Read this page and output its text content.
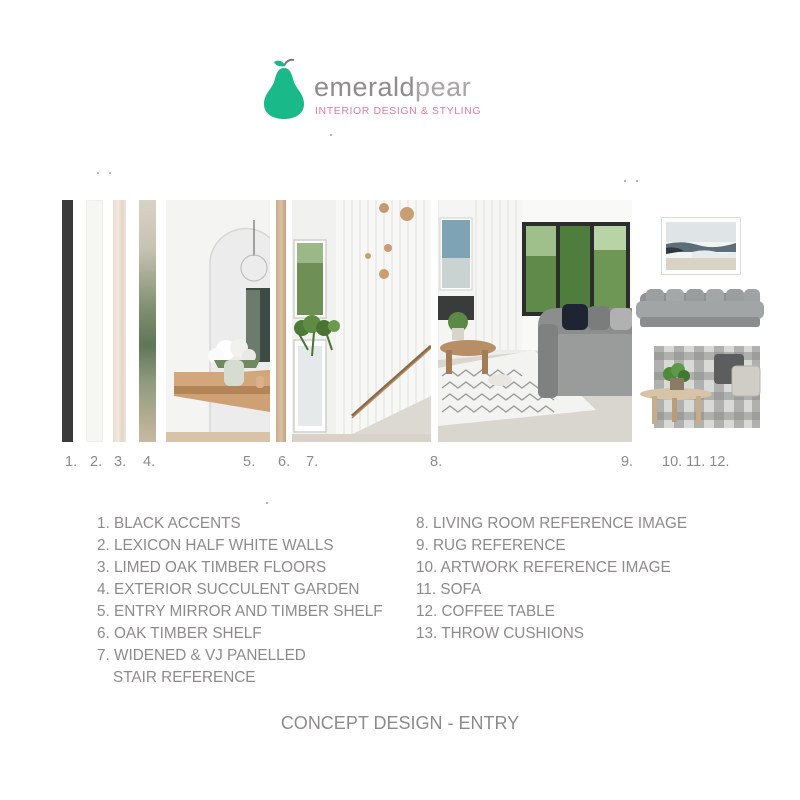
emeraldpear
INTERIOR DESIGN & STYLING
1. 2. 3. 4.	5. 6. 7.	8.	9. 10. 11. 12.
1. BLACK ACCENTS
2. LEXICON HALF WHITE WALLS
3. LIMED OAK TIMBER FLOORS
4. EXTERIOR SUCCULENT GARDEN
5. ENTRY MIRROR AND TIMBER SHELF
6. OAK TIMBER SHELF
7. WIDENED & VJ PANELLED
STAIR REFERENCE
8. LIVING ROOM REFERENCE IMAGE
9. RUG REFERENCE
10. ARTWORK REFERENCE IMAGE
11. SOFA
12. COFFEE TABLE
13. THROW CUSHIONS
CONCEPT DESIGN - ENTRY
